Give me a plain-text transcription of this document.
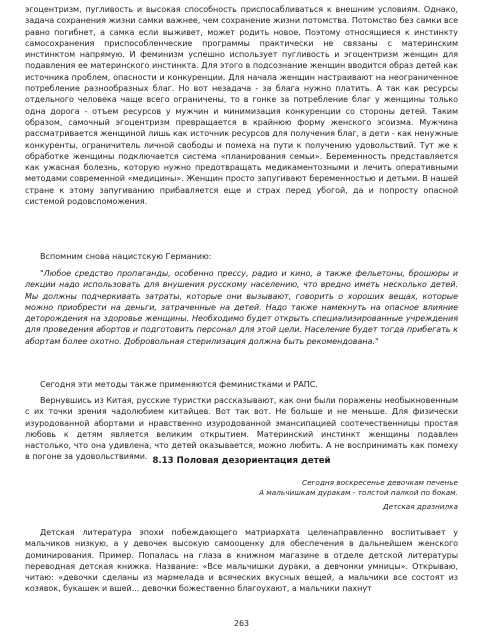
эгоцентризм, пугливость и высокая способность приспосабливаться к внешним условиям. Однако, задача сохранения жизни самки важнее, чем сохранение жизни потомства. Потомство без самки все равно погибнет, а самка если выживет, может родить новое. Поэтому относящиеся к инстинкту самосохранения приспособленческие программы практически не связаны с материнским инстинктом напрямую. И феминизм успешно использует пугливость и эгоцентризм женщин для подавления ее материнского инстинкта. Для этого в подсознание женщин вводится образ детей как источника проблем, опасности и конкуренции. Для начала женщин настраивают на неограниченное потребление разнообразных благ. Но вот незадача - за блага нужно платить. А так как ресурсы отдельного человека чаще всего ограничены, то в гонке за потребление благ у женщины только одна дорога - отъем ресурсов у мужчин и минимизация конкуренции со стороны детей. Таким образом, самочный эгоцентризм превращается в крайнюю форму женского эгоизма. Мужчина рассматривается женщиной лишь как источник ресурсов для получения благ, а дети - как ненужные конкуренты, ограничитель личной свободы и помеха на пути к получению удовольствий. Тут же к обработке женщины подключается система «планирования семьи». Беременность представляется как ужасная болезнь, которую нужно предотвращать медикаментозными и лечить оперативными методами современной «медицины». Женщин просто запугивают беременностью и детьми. В нашей стране к этому запугиванию прибавляется еще и страх перед убогой, да и попросту опасной системой родовспоможения.

Вспомним снова нацистскую Германию:

"Любое средство пропаганды, особенно прессу, радио и кино, а также фельетоны, брошюры и лекции надо использовать для внушения русскому населению, что вредно иметь несколько детей. Мы должны подчеркивать затраты, которые они вызывают, говорить о хороших вещах, которые можно приобрести на деньги, затраченные на детей. Надо также намекнуть на опасное влияние деторождения на здоровье женщины. Необходимо будет открыть специализированные учреждения для проведения абортов и подготовить персонал для этой цели. Население будет тогда прибегать к абортам более охотно. Добровольная стерилизация должна быть рекомендована."

Сегодня эти методы также применяются феминистками и РАПС.

Вернувшись из Китая, русские туристки рассказывают, как они были поражены необыкновенным с их точки зрения чадолюбием китайцев. Вот так вот. Не больше и не меньше. Для физически изуродованной абортами и нравственно изуродованной эмансипацией соотечественницы простая любовь к детям является великим открытием. Материнский инстинкт женщины подавлен настолько, что она удивлена, что детей оказывается, можно любить. А не воспринимать как помеху в погоне за удовольствиями. 8.13 Половая дезориентация детей

Сегодня воскресенье девочкам печенье

А мальчишкам дуракам - толстой палкой по бокам.

Детская дразнилка

Детская литература эпохи побеждающего матриархата целенаправленно воспитывает у мальчиков низкую, а у девочек высокую самооценку для обеспечения в дальнейшем женского доминирования. Пример. Попалась на глаза в книжном магазине в отделе детской литературы переводная детская книжка. Название: «Все мальчишки дураки, а девчонки умницы». Открываю, читаю: «девочки сделаны из мармелада и всяческих вкусных вещей, а мальчики все состоят из козявок, букашек и вшей... девочки божественно благоухают, а мальчики пахнут

263
